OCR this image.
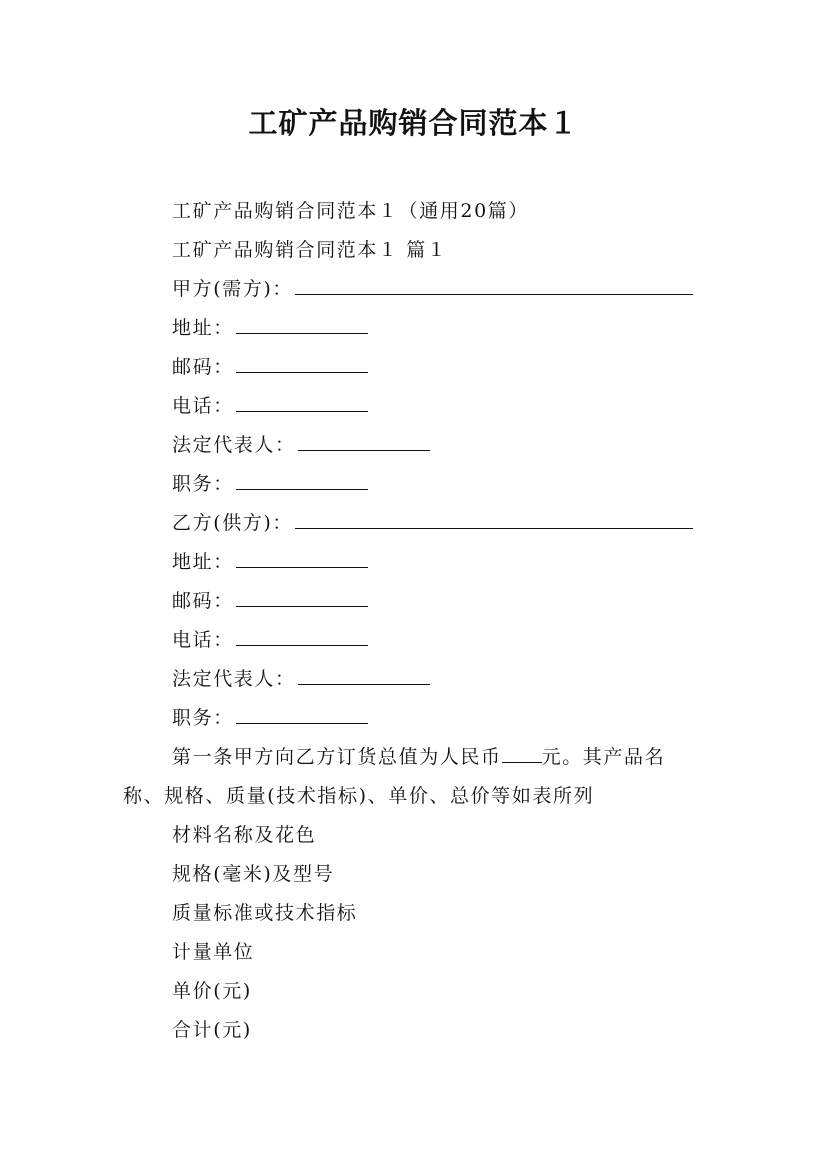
工矿产品购销合同范本１
工矿产品购销合同范本１（通用20篇）
工矿产品购销合同范本１ 篇１
甲方(需方)：
地址：
邮码：
电话：
法定代表人：
职务：
乙方(供方)：
地址：
邮码：
电话：
法定代表人：
职务：
第一条甲方向乙方订货总值为人民币 元。其产品名
称、规格、质量(技术指标)、单价、总价等如表所列
材料名称及花色
规格(毫米)及型号
质量标准或技术指标
计量单位
单价(元)
合计(元)
